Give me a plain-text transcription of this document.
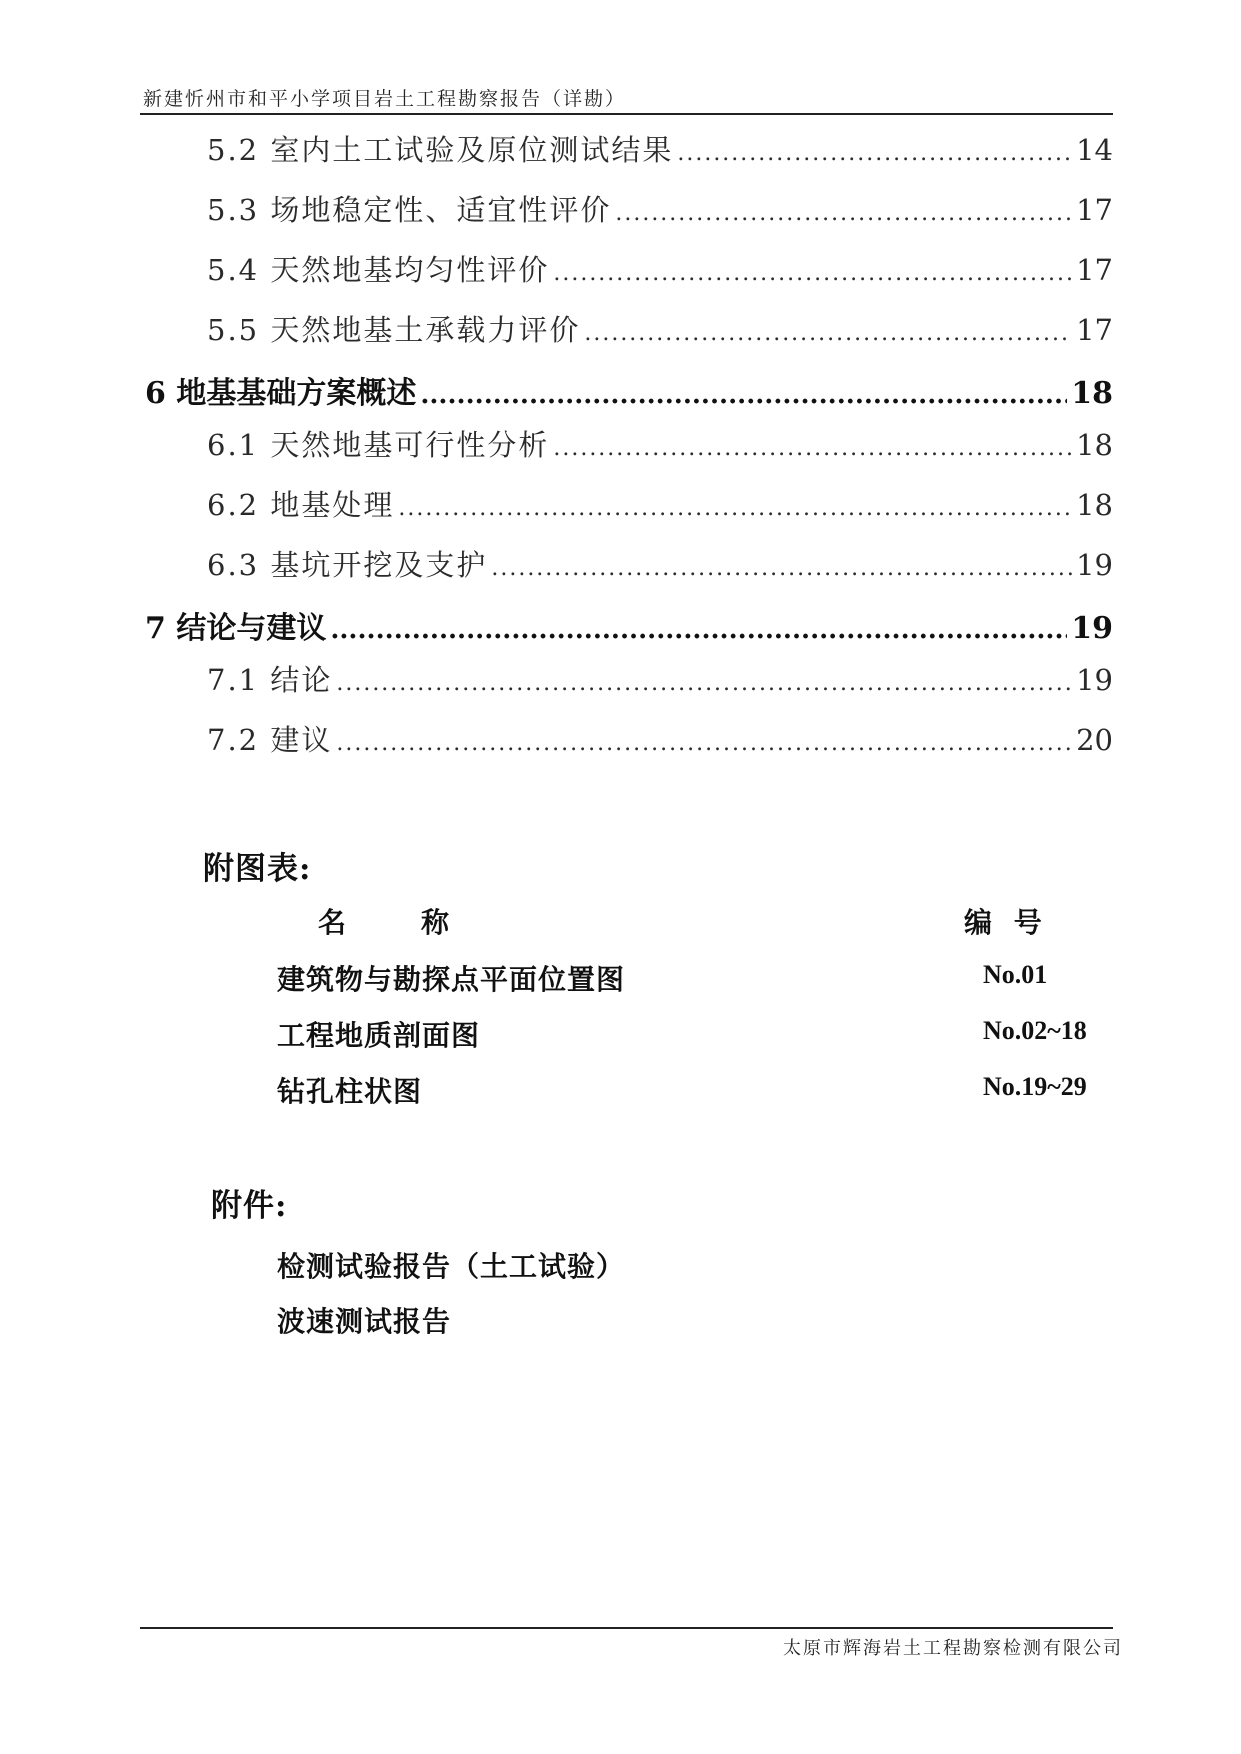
新建忻州市和平小学项目岩土工程勘察报告（详勘）
5.2 室内土工试验及原位测试结果 .....	14
5.3 场地稳定性、适宜性评价 .....	17
5.4 天然地基均匀性评价 .....	17
5.5 天然地基土承载力评价 .....	17
6 地基基础方案概述 .....	18
6.1 天然地基可行性分析 .....	18
6.2 地基处理 .....	18
6.3 基坑开挖及支护 .....	19
7 结论与建议 .....	19
7.1 结论 .....	19
7.2 建议 .....	20
附图表:
名	称	编 号
建筑物与勘探点平面位置图	No.01
工程地质剖面图	No.02~18
钻孔柱状图	No.19~29
附件:
检测试验报告（土工试验）
波速测试报告
太原市辉海岩土工程勘察检测有限公司
